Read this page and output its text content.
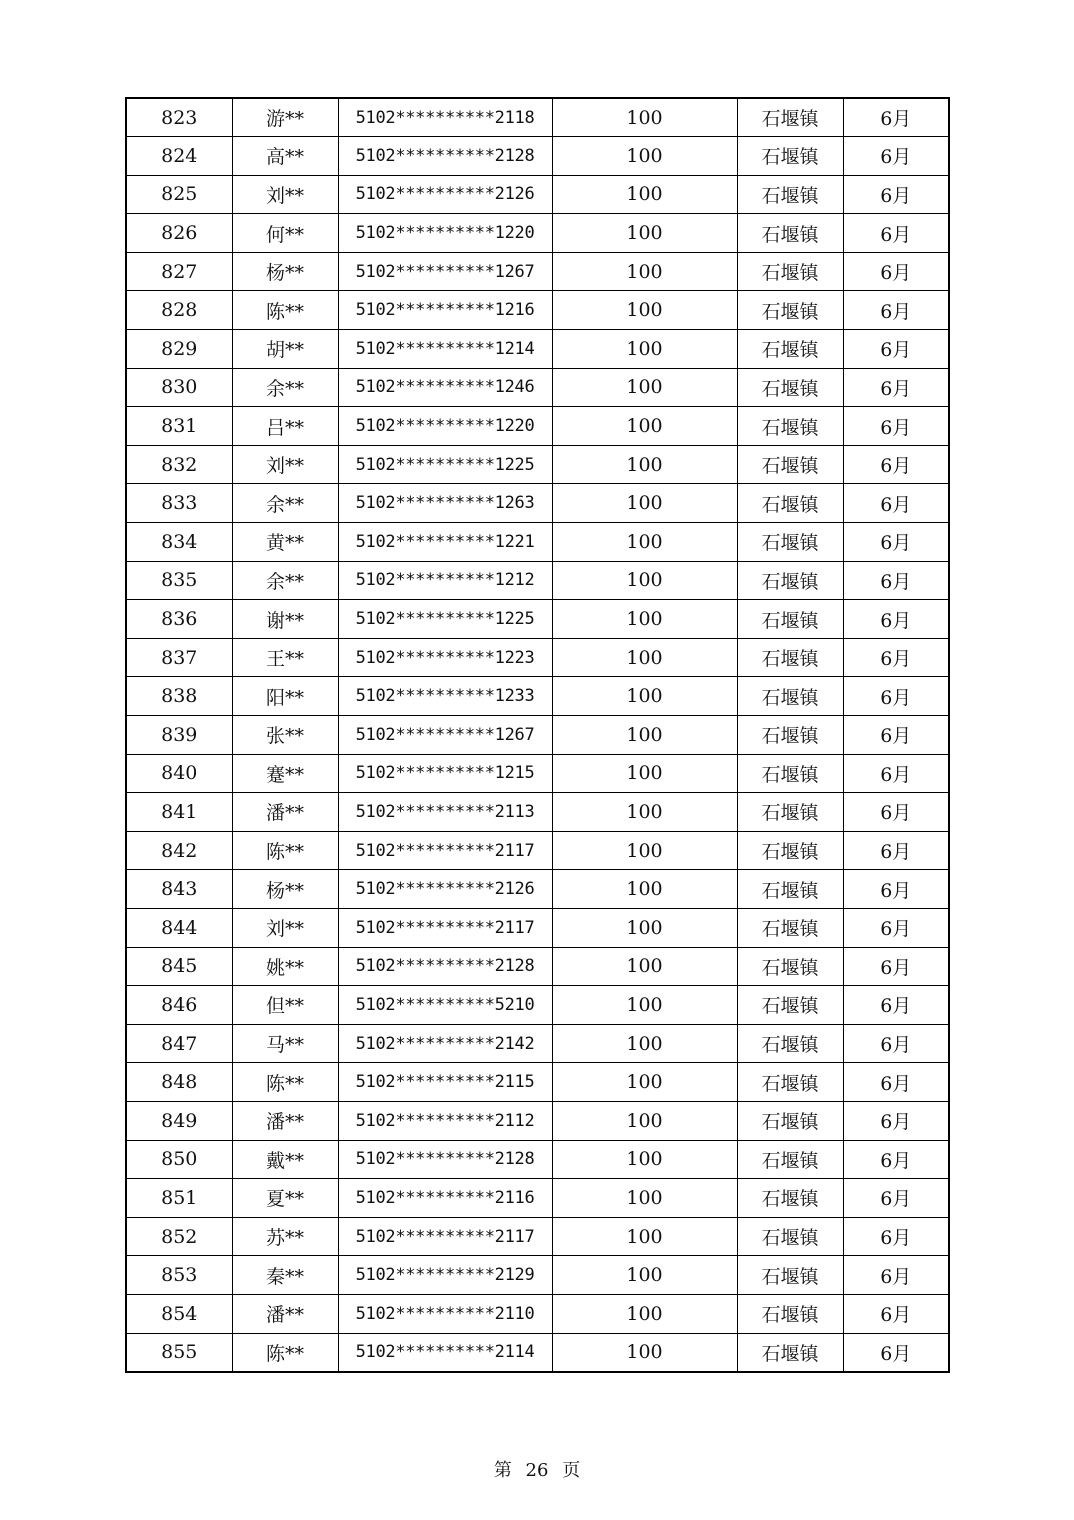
823	游**	5102**********2118	100	石堰镇	6月
824	高**	5102**********2128	100	石堰镇	6月
825	刘**	5102**********2126	100	石堰镇	6月
826	何**	5102**********1220	100	石堰镇	6月
827	杨**	5102**********1267	100	石堰镇	6月
828	陈**	5102**********1216	100	石堰镇	6月
829	胡**	5102**********1214	100	石堰镇	6月
830	余**	5102**********1246	100	石堰镇	6月
831	吕**	5102**********1220	100	石堰镇	6月
832	刘**	5102**********1225	100	石堰镇	6月
833	余**	5102**********1263	100	石堰镇	6月
834	黄**	5102**********1221	100	石堰镇	6月
835	余**	5102**********1212	100	石堰镇	6月
836	谢**	5102**********1225	100	石堰镇	6月
837	王**	5102**********1223	100	石堰镇	6月
838	阳**	5102**********1233	100	石堰镇	6月
839	张**	5102**********1267	100	石堰镇	6月
840	蹇**	5102**********1215	100	石堰镇	6月
841	潘**	5102**********2113	100	石堰镇	6月
842	陈**	5102**********2117	100	石堰镇	6月
843	杨**	5102**********2126	100	石堰镇	6月
844	刘**	5102**********2117	100	石堰镇	6月
845	姚**	5102**********2128	100	石堰镇	6月
846	但**	5102**********5210	100	石堰镇	6月
847	马**	5102**********2142	100	石堰镇	6月
848	陈**	5102**********2115	100	石堰镇	6月
849	潘**	5102**********2112	100	石堰镇	6月
850	戴**	5102**********2128	100	石堰镇	6月
851	夏**	5102**********2116	100	石堰镇	6月
852	苏**	5102**********2117	100	石堰镇	6月
853	秦**	5102**********2129	100	石堰镇	6月
854	潘**	5102**********2110	100	石堰镇	6月
855	陈**	5102**********2114	100	石堰镇	6月
第 26 页
